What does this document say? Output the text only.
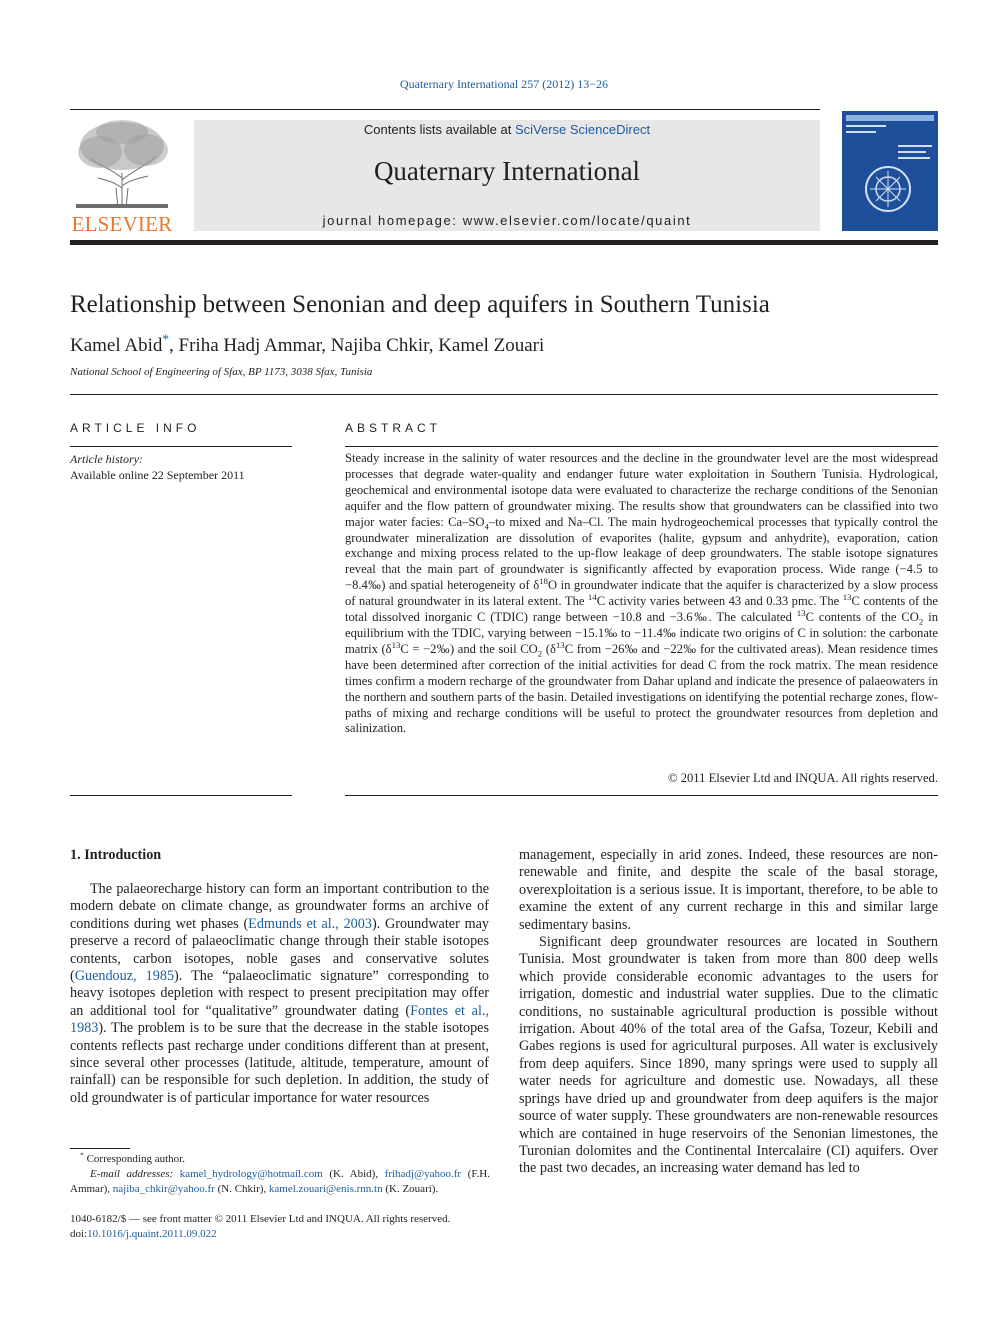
Quaternary International 257 (2012) 13−26
ELSEVIER
Contents lists available at SciVerse ScienceDirect
Quaternary International
journal homepage: www.elsevier.com/locate/quaint
Relationship between Senonian and deep aquifers in Southern Tunisia
Kamel Abid*, Friha Hadj Ammar, Najiba Chkir, Kamel Zouari
National School of Engineering of Sfax, BP 1173, 3038 Sfax, Tunisia
ARTICLE INFO
Article history:
Available online 22 September 2011
ABSTRACT
Steady increase in the salinity of water resources and the decline in the groundwater level are the most widespread processes that degrade water-quality and endanger future water exploitation in Southern Tunisia. Hydrological, geochemical and environmental isotope data were evaluated to characterize the recharge conditions of the Senonian aquifer and the flow pattern of groundwater mixing. The results show that groundwaters can be classified into two major water facies: $Ca-SO_4-to$ mixed and Na–Cl. The main hydrogeochemical processes that typically control the groundwater mineralization are dissolution of evaporites (halite, gypsum and anhydrite), evaporation, cation exchange and mixing process related to the up-flow leakage of deep groundwaters. The stable isotope signatures reveal that the main part of groundwater is significantly affected by evaporation process. Wide range (−4.5 to −8.4‰) and spatial heterogeneity of $\delta^{18}O$ in groundwater indicate that the aquifer is characterized by a slow process of natural groundwater in its lateral extent. The $^{14}$C activity varies between 43 and 0.33 pmc. The $^{13}$C contents of the total dissolved inorganic C (TDIC) range between −10.8 and −3.6‰. The calculated $^{13}$C contents of the $CO_2$ in equilibrium with the TDIC, varying between −15.1‰ to −11.4‰ indicate two origins of C in solution: the carbonate matrix ($\delta^{13}C$ = −2‰) and the soil $CO_2$ ($\delta^{13}C$ from −26‰ and −22‰ for the cultivated areas). Mean residence times have been determined after correction of the initial activities for dead C from the rock matrix. The mean residence times confirm a modern recharge of the groundwater from Dahar upland and indicate the presence of palaeowaters in the northern and southern parts of the basin. Detailed investigations on identifying the potential recharge zones, flow-paths of mixing and recharge conditions will be useful to protect the groundwater resources from depletion and salinization.
© 2011 Elsevier Ltd and INQUA. All rights reserved.
1. Introduction

The palaeorecharge history can form an important contribution to the modern debate on climate change, as groundwater forms an archive of conditions during wet phases (Edmunds et al., 2003). Groundwater may preserve a record of palaeoclimatic change through their stable isotopes contents, carbon isotopes, noble gases and conservative solutes (Guendouz, 1985). The “palaeoclimatic signature” corresponding to heavy isotopes depletion with respect to present precipitation may offer an additional tool for “qualitative” groundwater dating (Fontes et al., 1983). The problem is to be sure that the decrease in the stable isotopes contents reflects past recharge under conditions different than at present, since several other processes (latitude, altitude, temperature, amount of rainfall) can be responsible for such depletion. In addition, the study of old groundwater is of particular importance for water resources

* Corresponding author.
E-mail addresses: kamel_hydrology@hotmail.com (K. Abid), frihadj@yahoo.fr (F.H. Ammar), najiba_chkir@yahoo.fr (N. Chkir), kamel.zouari@enis.rnn.tn (K. Zouari).
1040-6182/$ — see front matter © 2011 Elsevier Ltd and INQUA. All rights reserved.
doi:10.1016/j.quaint.2011.09.022

management, especially in arid zones. Indeed, these resources are non-renewable and finite, and despite the scale of the basal storage, overexploitation is a serious issue. It is important, therefore, to be able to examine the extent of any current recharge in this and similar large sedimentary basins.

Significant deep groundwater resources are located in Southern Tunisia. Most groundwater is taken from more than 800 deep wells which provide considerable economic advantages to the users for irrigation, domestic and industrial water supplies. Due to the climatic conditions, no sustainable agricultural production is possible without irrigation. About 40% of the total area of the Gafsa, Tozeur, Kebili and Gabes regions is used for agricultural purposes. All water is exclusively from deep aquifers. Since 1890, many springs were used to supply all water needs for agriculture and domestic use. Nowadays, all these springs have dried up and groundwater from deep aquifers is the major source of water supply. These groundwaters are non-renewable resources which are contained in huge reservoirs of the Senonian limestones, the Turonian dolomites and the Continental Intercalaire (CI) aquifers. Over the past two decades, an increasing water demand has led to
